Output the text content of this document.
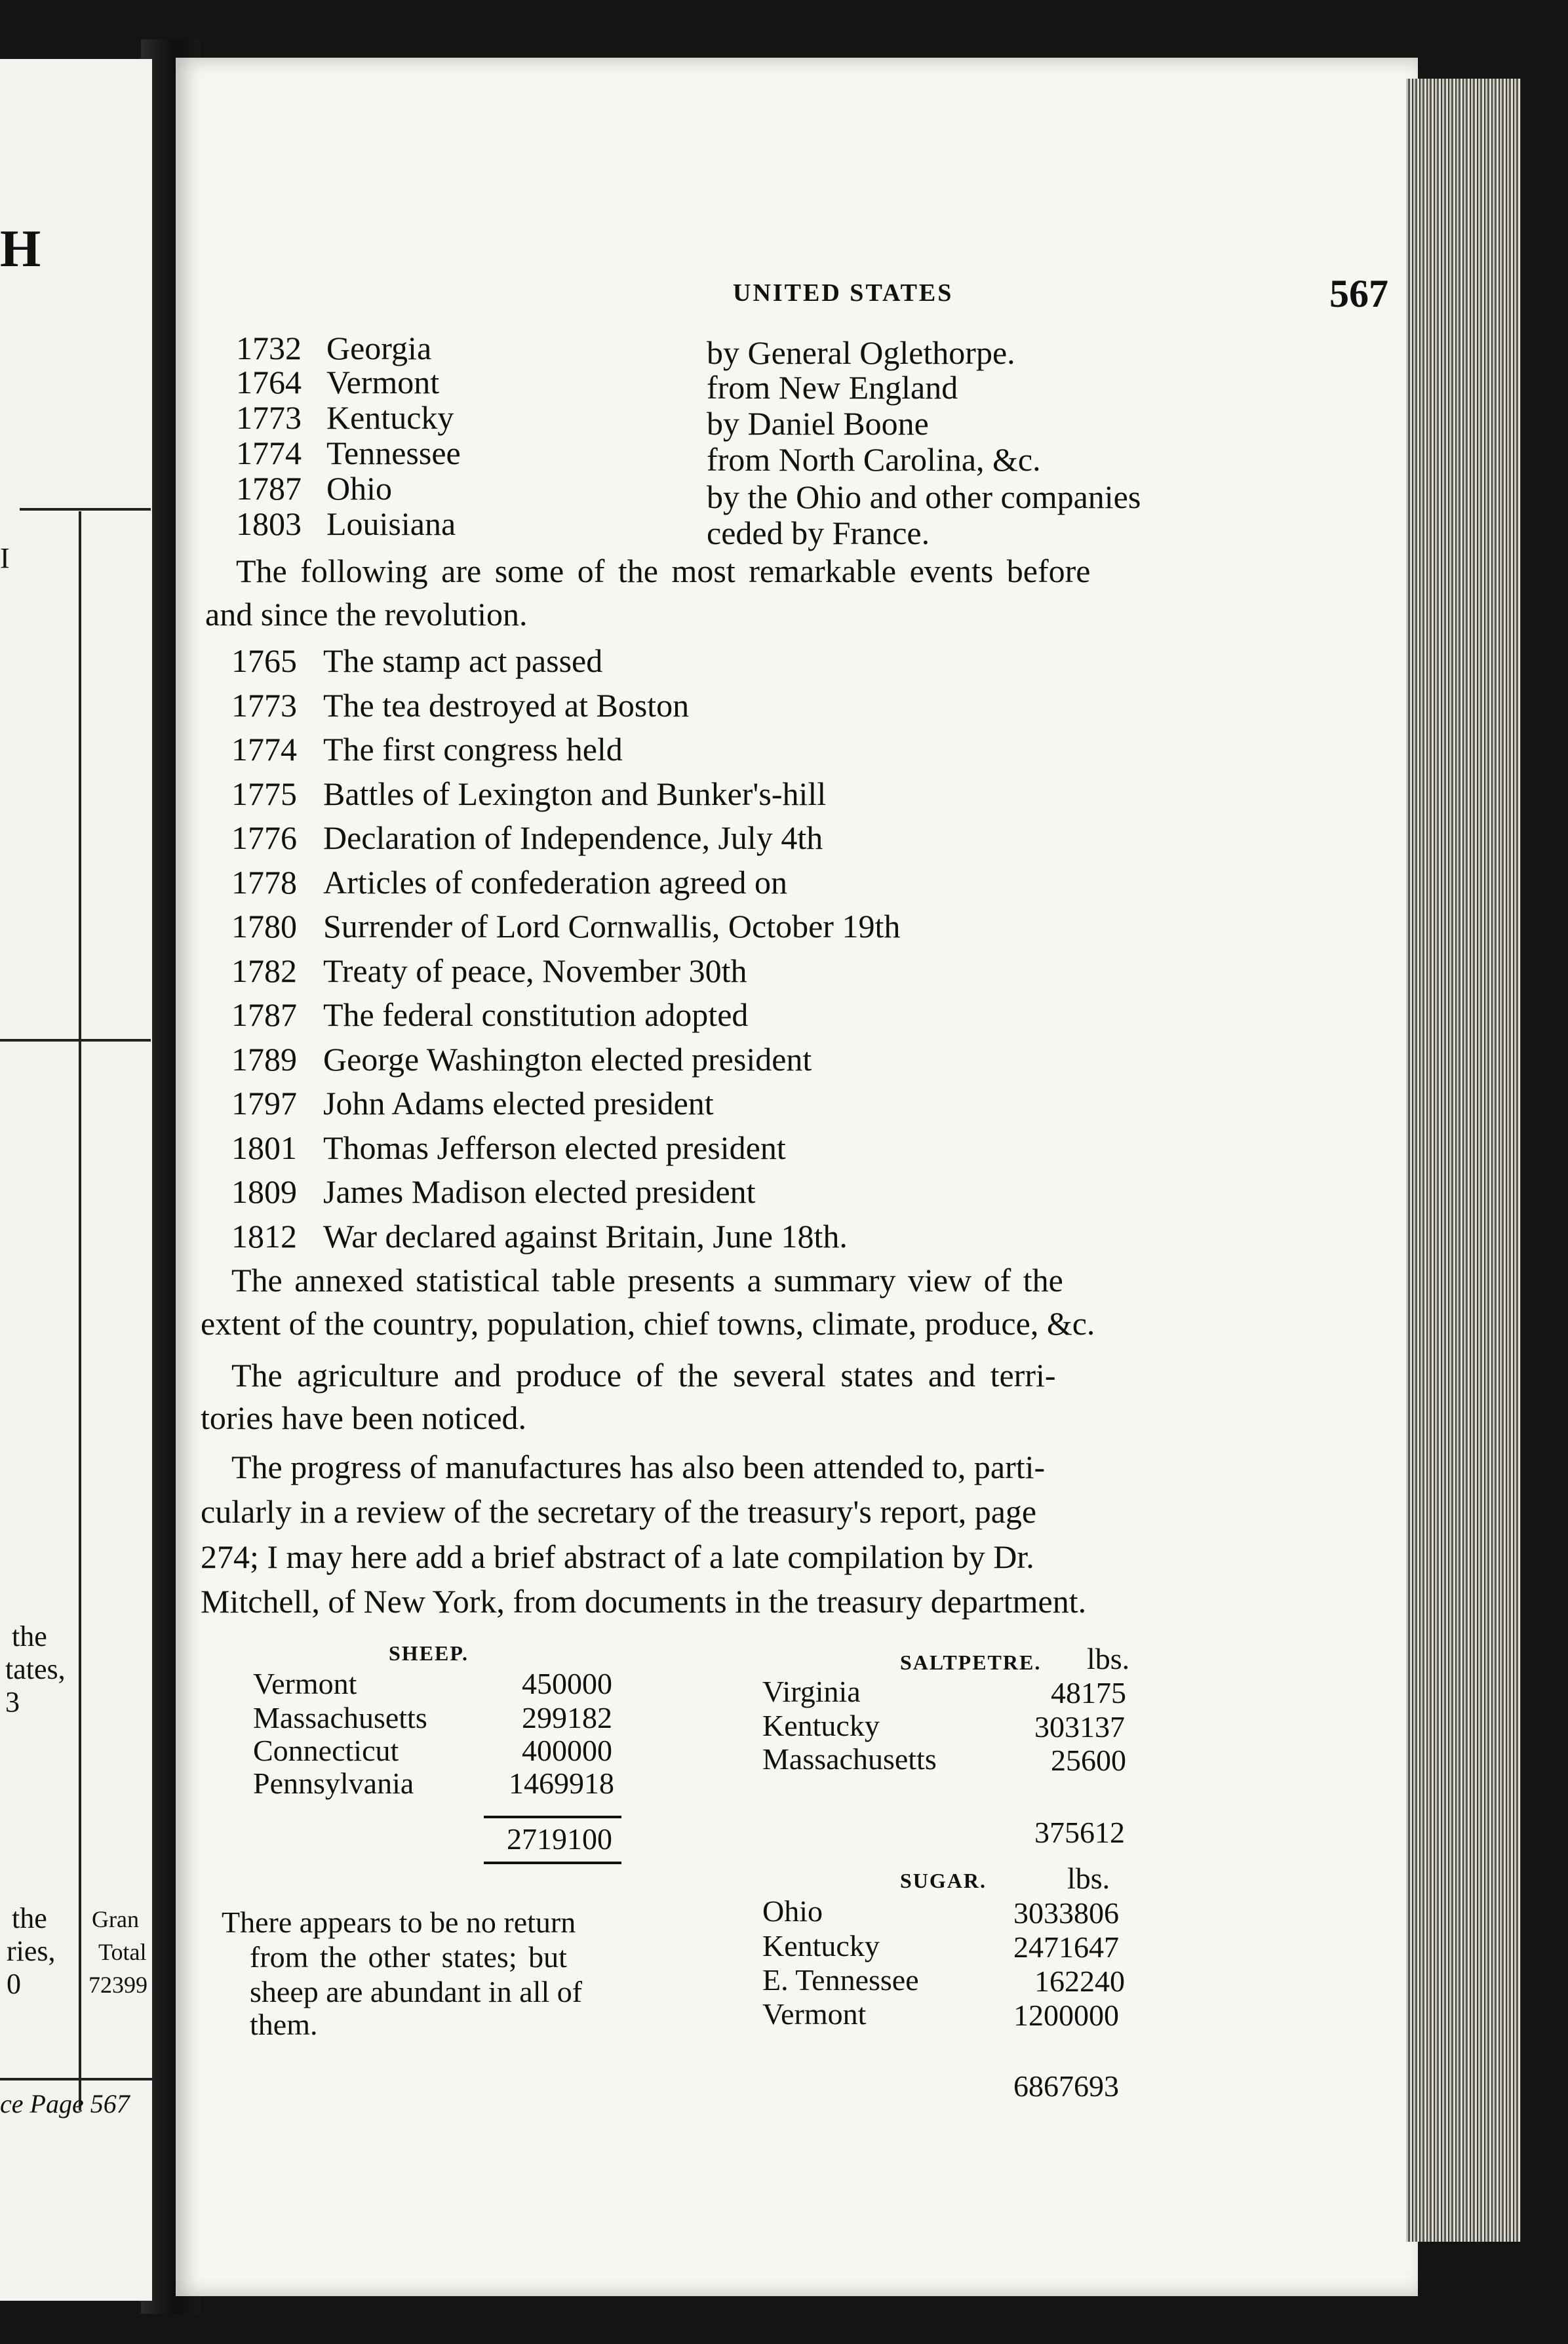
H
I
the
tates,
3
the
ries,
0
Gran
Total
72399
ce Page 567
UNITED STATES	567
1732 Georgia	by General Oglethorpe.
1764 Vermont	from New England
1773 Kentucky	by Daniel Boone
1774 Tennessee	from North Carolina, &c.
1787 Ohio	by the Ohio and other companies
1803 Louisiana	ceded by France.
The following are some of the most remarkable events before
and since the revolution.
1765 The stamp act passed
1773 The tea destroyed at Boston
1774 The first congress held
1775 Battles of Lexington and Bunker's-hill
1776 Declaration of Independence, July 4th
1778 Articles of confederation agreed on
1780 Surrender of Lord Cornwallis, October 19th
1782 Treaty of peace, November 30th
1787 The federal constitution adopted
1789 George Washington elected president
1797 John Adams elected president
1801 Thomas Jefferson elected president
1809 James Madison elected president
1812 War declared against Britain, June 18th.
The annexed statistical table presents a summary view of the
extent of the country, population, chief towns, climate, produce, &c.
The agriculture and produce of the several states and terri-
tories have been noticed.
The progress of manufactures has also been attended to, parti-
cularly in a review of the secretary of the treasury's report, page
274; I may here add a brief abstract of a late compilation by Dr.
Mitchell, of New York, from documents in the treasury department.
SHEEP.
Vermont	450000
Massachusetts	299182
Connecticut	400000
Pennsylvania	1469918
2719100
There appears to be no return
from the other states; but
sheep are abundant in all of
them.
SALTPETRE. lbs.
Virginia	48175
Kentucky	303137
Massachusetts	25600
375612
SUGAR.	lbs.
Ohio	3033806
Kentucky	2471647
E. Tennessee	162240
Vermont	1200000
6867693
